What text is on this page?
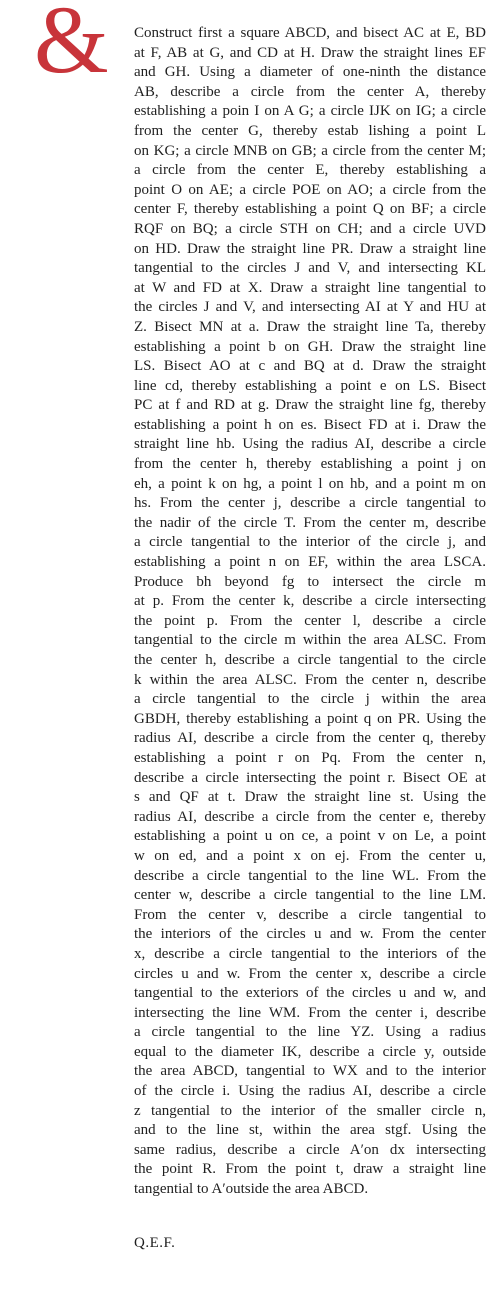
& Construct first a square ABCD, and bisect AC at E, BD
at F, AB at G, and CD at H. Draw the straight lines EF
and GH. Using a diameter of one-ninth the distance
AB, describe a circle from the center A, thereby
establishing a poin I on A G; a circle IJK on IG; a circle
from the center G, thereby estab lishing a point L
on KG; a circle MNB on GB; a circle from the center M;
a circle from the center E, thereby establishing a
point O on AE; a circle POE on AO; a circle from the
center F, thereby establishing a point Q on BF; a circle
RQF on BQ; a circle STH on CH; and a circle UVD
on HD. Draw the straight line PR. Draw a straight line
tangential to the circles J and V, and intersecting KL
at W and FD at X. Draw a straight line tangential to
the circles J and V, and intersecting AI at Y and HU at
Z. Bisect MN at a. Draw the straight line Ta, thereby
establishing a point b on GH. Draw the straight line
LS. Bisect AO at c and BQ at d. Draw the straight
line cd, thereby establishing a point e on LS. Bisect
PC at f and RD at g. Draw the straight line fg, thereby
establishing a point h on es. Bisect FD at i. Draw the
straight line hb. Using the radius AI, describe a circle
from the center h, thereby establishing a point j on
eh, a point k on hg, a point l on hb, and a point m on
hs. From the center j, describe a circle tangential to
the nadir of the circle T. From the center m, describe
a circle tangential to the interior of the circle j, and
establishing a point n on EF, within the area LSCA.
Produce bh beyond fg to intersect the circle m
at p. From the center k, describe a circle intersecting
the point p. From the center l, describe a circle
tangential to the circle m within the area ALSC. From
the center h, describe a circle tangential to the circle
k within the area ALSC. From the center n, describe
a circle tangential to the circle j within the area
GBDH, thereby establishing a point q on PR. Using the
radius AI, describe a circle from the center q, thereby
establishing a point r on Pq. From the center n,
describe a circle intersecting the point r. Bisect OE at
s and QF at t. Draw the straight line st. Using the
radius AI, describe a circle from the center e, thereby
establishing a point u on ce, a point v on Le, a point
w on ed, and a point x on ej. From the center u,
describe a circle tangential to the line WL. From the
center w, describe a circle tangential to the line LM.
From the center v, describe a circle tangential to
the interiors of the circles u and w. From the center
x, describe a circle tangential to the interiors of the
circles u and w. From the center x, describe a circle
tangential to the exteriors of the circles u and w, and
intersecting the line WM. From the center i, describe
a circle tangential to the line YZ. Using a radius
equal to the diameter IK, describe a circle y, outside
the area ABCD, tangential to WX and to the interior
of the circle i. Using the radius AI, describe a circle
z tangential to the interior of the smaller circle n,
and to the line st, within the area stgf. Using the
same radius, describe a circle A′on dx intersecting
the point R. From the point t, draw a straight line
tangential to A′outside the area ABCD.
Q.E.F.
